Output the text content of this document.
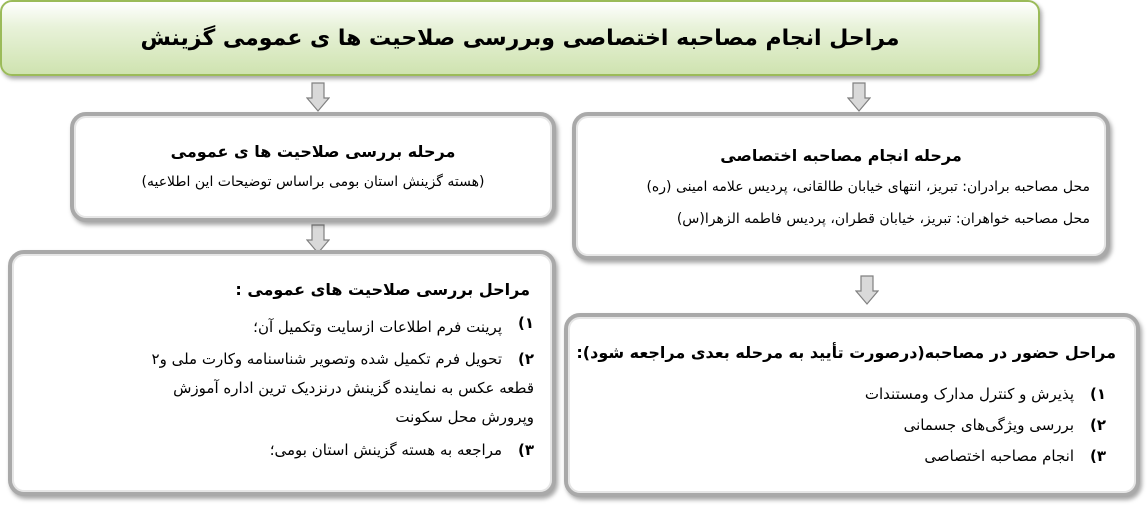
مراحل انجام مصاحبه اختصاصی وبررسی صلاحیت ها ی عمومی گزینش
مرحله بررسی صلاحیت ها ی عمومی
(هسته گزینش استان بومی براساس توضیحات این اطلاعیه)
مرحله انجام مصاحبه اختصاصی
محل مصاحبه برادران: تبریز، انتهای خیابان طالقانی، پردیس علامه امینی (ره)
محل مصاحبه خواهران: تبریز، خیابان قطران، پردیس فاطمه الزهرا(س)
مراحل بررسی صلاحیت های عمومی :
۱)
پرینت فرم اطلاعات ازسایت وتکمیل آن؛
۲)
تحویل فرم تکمیل شده وتصویر شناسنامه وکارت ملی و۲
قطعه عکس به نماینده گزینش درنزدیک ترین اداره آموزش
وپرورش محل سکونت
۳)
مراجعه به هسته گزینش استان بومی؛
مراحل حضور در مصاحبه(درصورت تأیید به مرحله بعدی مراجعه شود):
۱)
پذیرش و کنترل مدارک ومستندات
۲)
بررسی ویژگی‌های جسمانی
۳)
انجام مصاحبه اختصاصی
